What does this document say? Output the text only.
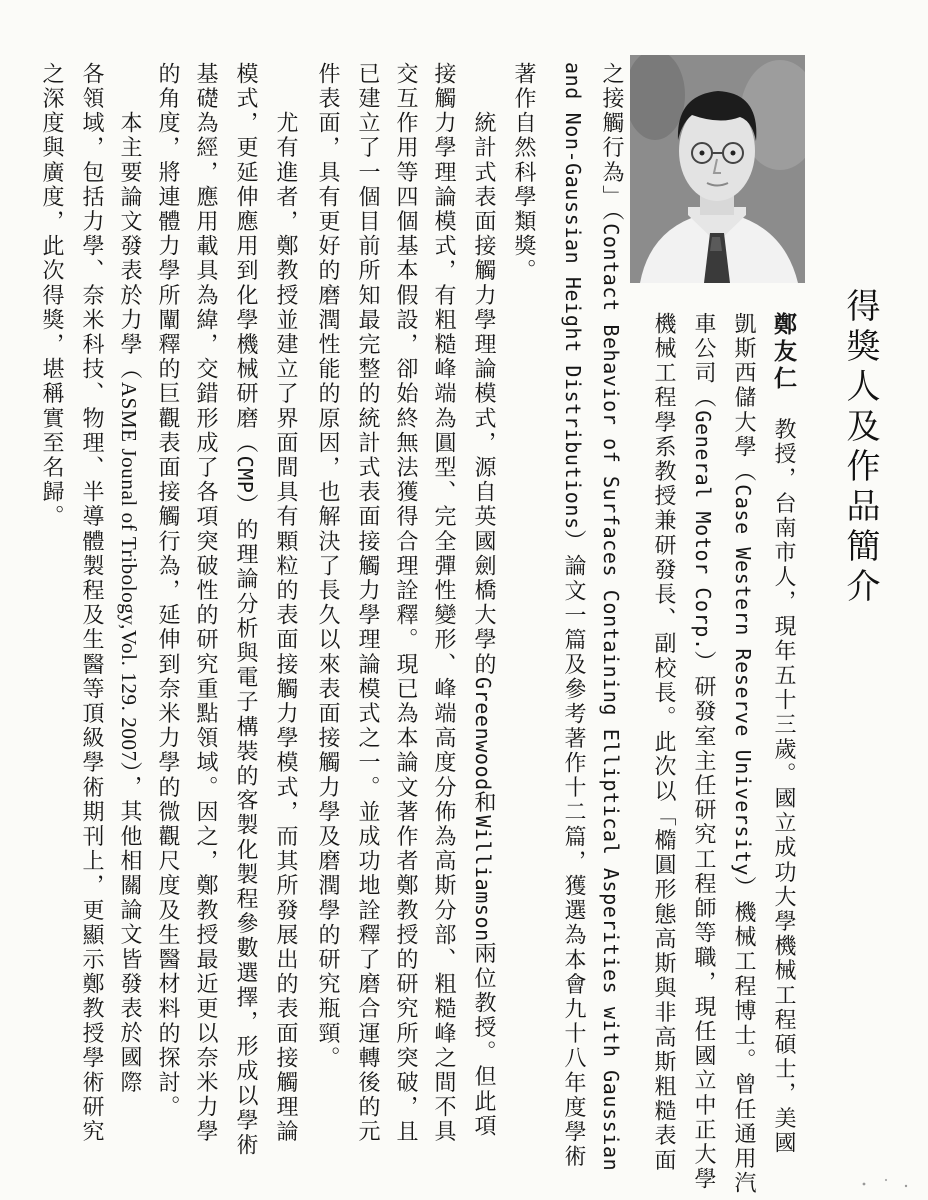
得獎人及作品簡介
鄭友仁　教授，台南市人，現年五十三歲。國立成功大學機械工程碩士，美國
凱斯西儲大學（Case Western Reserve University）機械工程博士。曾任通用汽
車公司（General Motor Corp.）研發室主任研究工程師等職，現任國立中正大學
機械工程學系教授兼研發長、副校長。此次以「橢圓形態高斯與非高斯粗糙表面
之接觸行為」（Contact Behavior of Surfaces Containing Elliptical Asperities with Gaussian
and Non-Gaussian Height Distributions）論文一篇及參考著作十二篇，獲選為本會九十八年度學術
著作自然科學類獎。
　　統計式表面接觸力學理論模式，源自英國劍橋大學的Greenwood和Williamson兩位教授。但此項
接觸力學理論模式，有粗糙峰端為圓型、完全彈性變形、峰端高度分佈為高斯分部、粗糙峰之間不具
交互作用等四個基本假設，卻始終無法獲得合理詮釋。現已為本論文著作者鄭教授的研究所突破，且
已建立了一個目前所知最完整的統計式表面接觸力學理論模式之一。並成功地詮釋了磨合運轉後的元
件表面，具有更好的磨潤性能的原因，也解決了長久以來表面接觸力學及磨潤學的研究瓶頸。
　　尤有進者，鄭教授並建立了界面間具有顆粒的表面接觸力學模式，而其所發展出的表面接觸理論
模式，更延伸應用到化學機械研磨（CMP）的理論分析與電子構裝的客製化製程參數選擇，形成以學術
基礎為經，應用載具為緯，交錯形成了各項突破性的研究重點領域。因之，鄭教授最近更以奈米力學
的角度，將連體力學所闡釋的巨觀表面接觸行為，延伸到奈米力學的微觀尺度及生醫材料的探討。
　　本主要論文發表於力學（ASME Jounal of Tribology,Vol. 129. 2007），其他相關論文皆發表於國際
各領域，包括力學、奈米科技、物理、半導體製程及生醫等頂級學術期刊上，更顯示鄭教授學術研究
之深度與廣度，此次得獎，堪稱實至名歸。
